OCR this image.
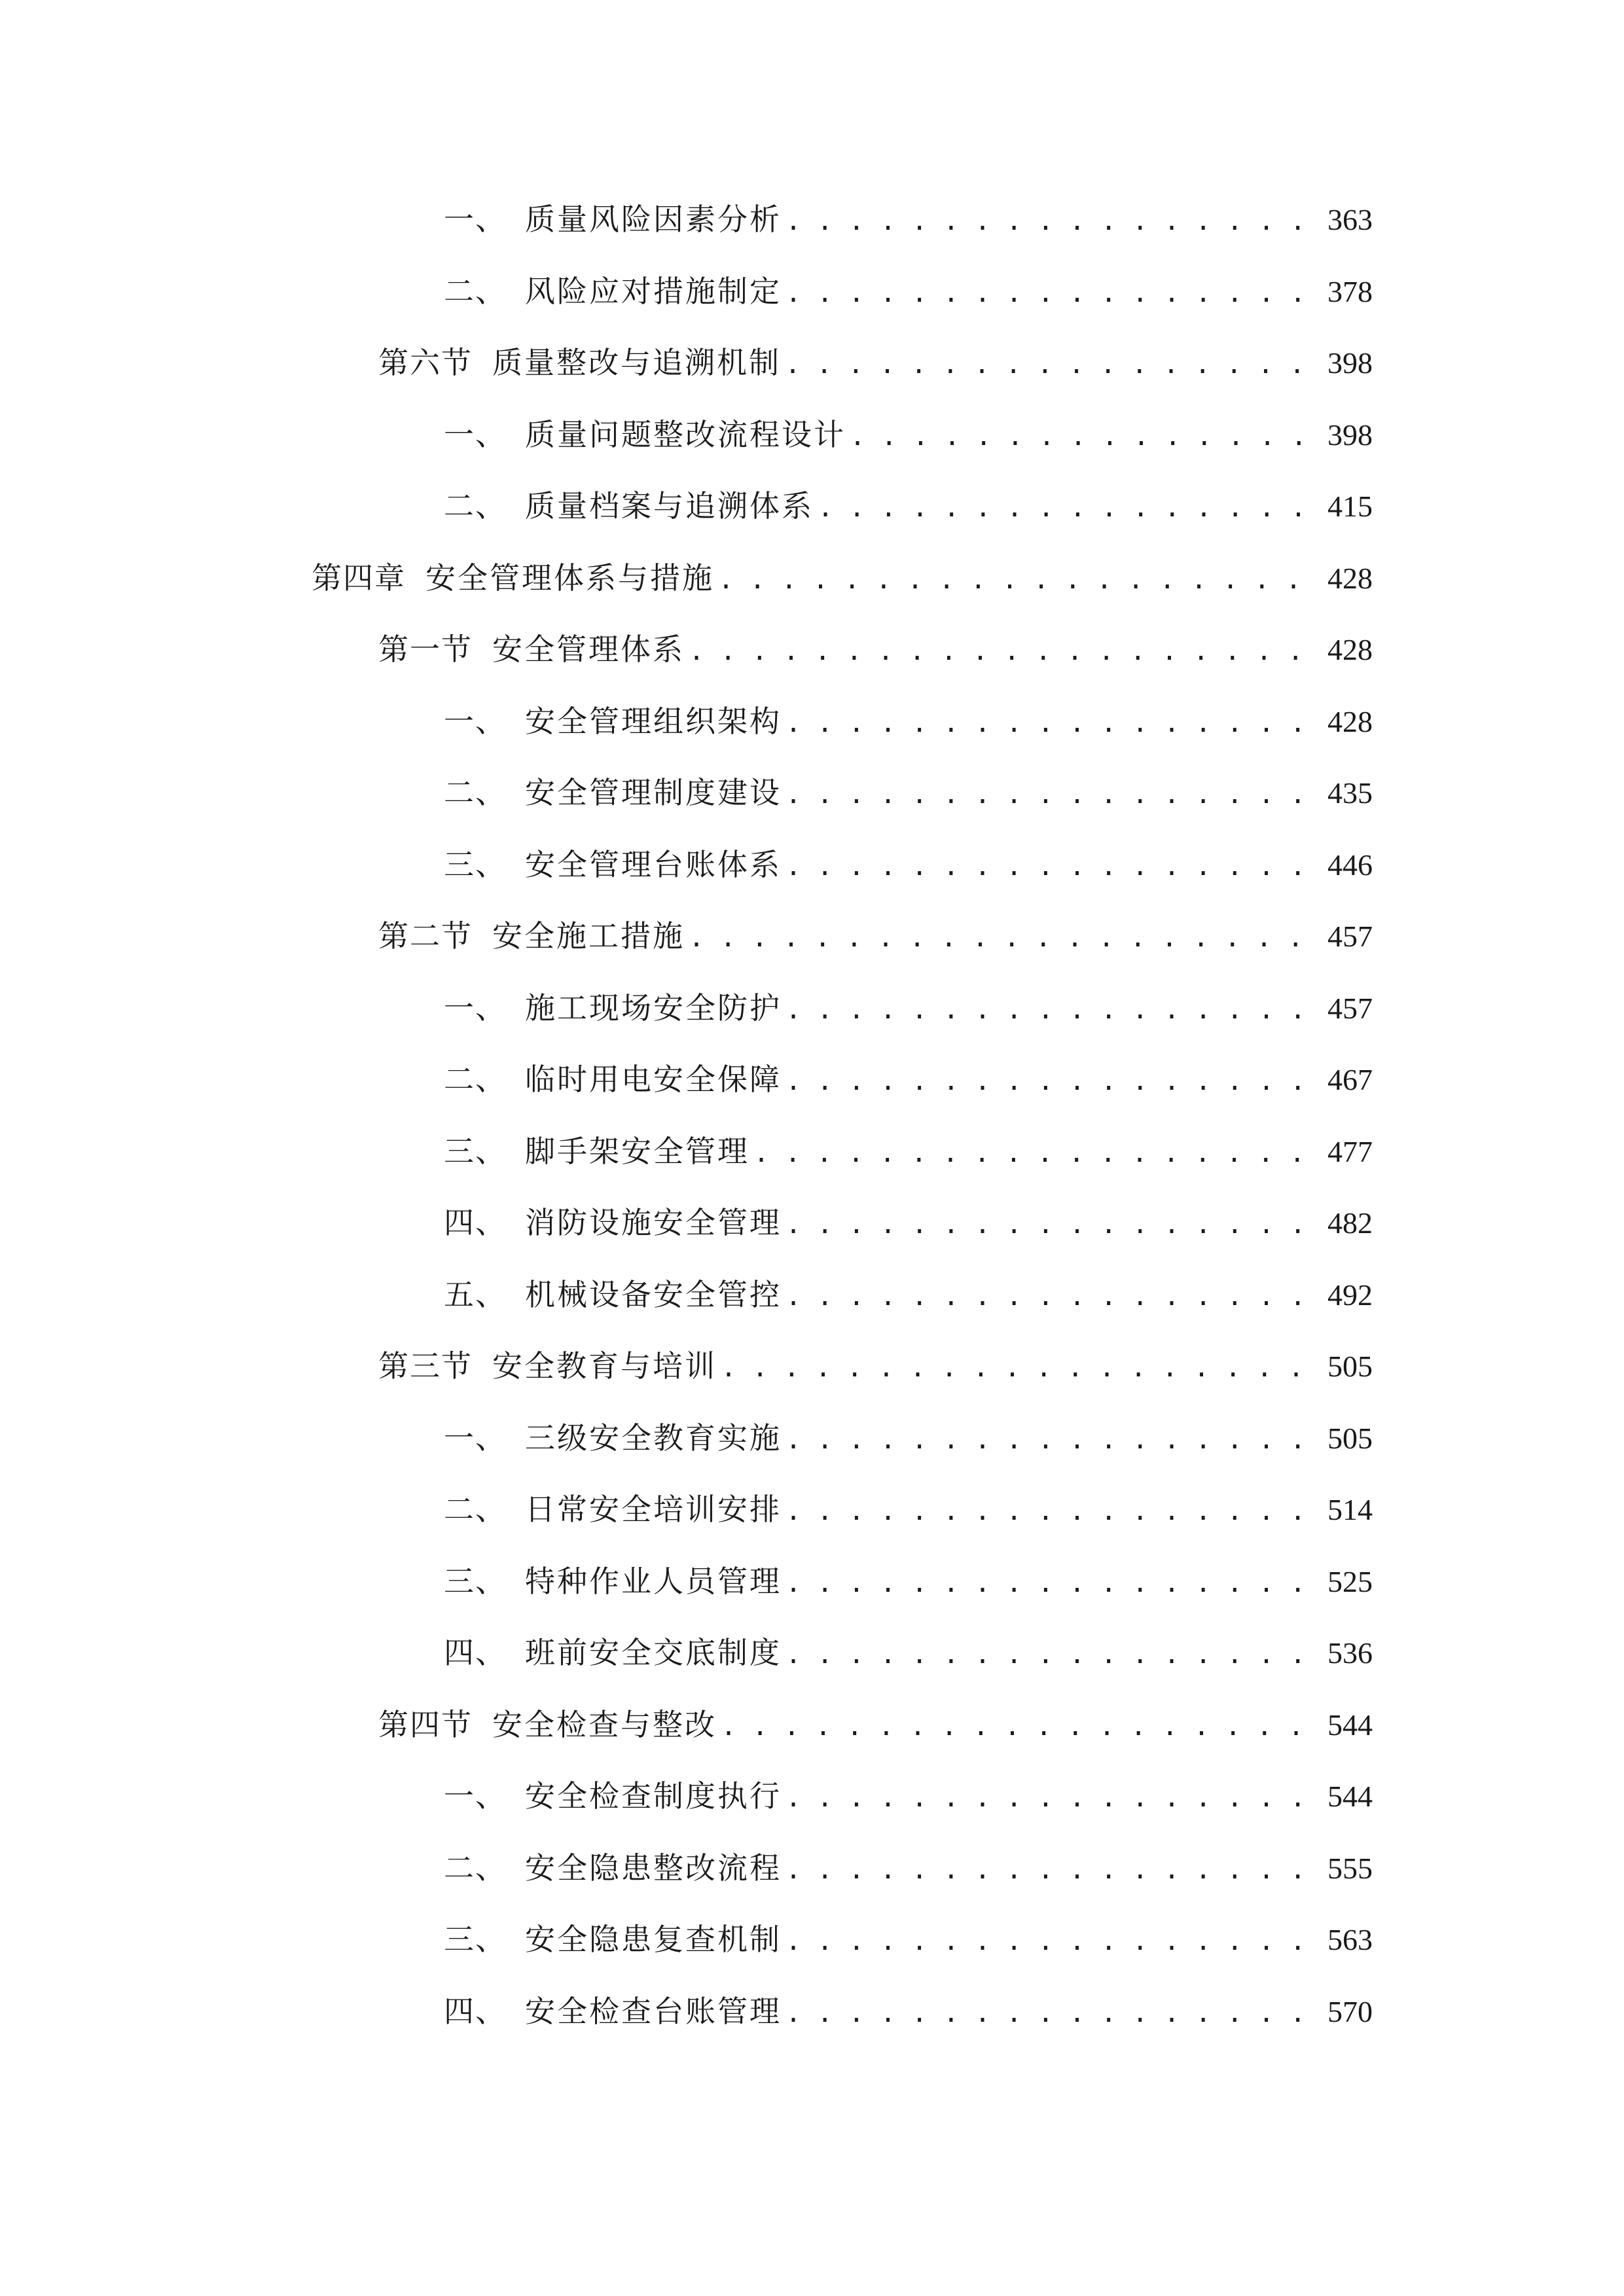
一、 质量风险因素分析 . . .	363
二、 风险应对措施制定 . . .	378
第六节 质量整改与追溯机制 . . .	398
一、 质量问题整改流程设计 . . .	398
二、 质量档案与追溯体系 . . .	415
第四章 安全管理体系与措施 . . .	428
第一节 安全管理体系 . . .	428
一、 安全管理组织架构 . . .	428
二、 安全管理制度建设 . . .	435
三、 安全管理台账体系 . . .	446
第二节 安全施工措施 . . .	457
一、 施工现场安全防护 . . .	457
二、 临时用电安全保障 . . .	467
三、 脚手架安全管理 . . .	477
四、 消防设施安全管理 . . .	482
五、 机械设备安全管控 . . .	492
第三节 安全教育与培训 . . .	505
一、 三级安全教育实施 . . .	505
二、 日常安全培训安排 . . .	514
三、 特种作业人员管理 . . .	525
四、 班前安全交底制度 . . .	536
第四节 安全检查与整改 . . .	544
一、 安全检查制度执行 . . .	544
二、 安全隐患整改流程 . . .	555
三、 安全隐患复查机制 . . .	563
四、 安全检查台账管理 . . .	570
